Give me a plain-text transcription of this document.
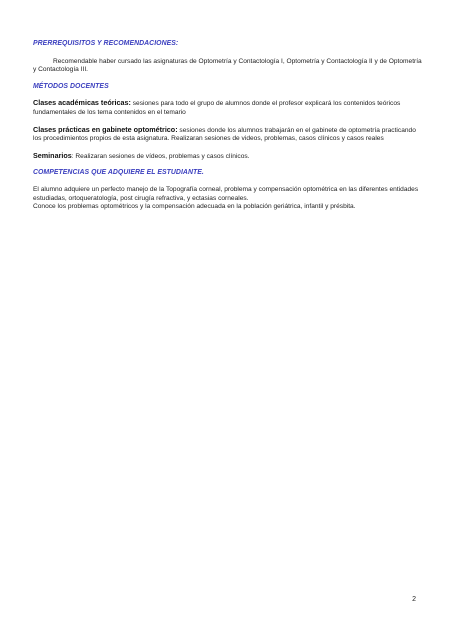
PRERREQUISITOS Y RECOMENDACIONES:

Recomendable haber cursado las asignaturas de Optometría y Contactología I, Optometría y Contactología II y de Optometría y Contactología III.

MÉTODOS DOCENTES

Clases académicas teóricas: sesiones para todo el grupo de alumnos donde el profesor explicará los contenidos teóricos fundamentales de los tema contenidos en el temario

Clases prácticas en gabinete optométrico: sesiones donde los alumnos trabajarán en el gabinete de optometría practicando los procedimientos propios de esta asignatura. Realizaran sesiones de videos, problemas, casos clínicos y casos reales

Seminarios: Realizaran sesiones de vídeos, problemas y casos clínicos.

COMPETENCIAS QUE ADQUIERE EL ESTUDIANTE.

El alumno adquiere un perfecto manejo de la Topografía corneal, problema y compensación optométrica en las diferentes entidades estudiadas, ortoqueratología, post cirugía refractiva, y ectasias corneales.

Conoce los problemas optométricos y la compensación adecuada en la población geriátrica, infantil y présbita.

2
